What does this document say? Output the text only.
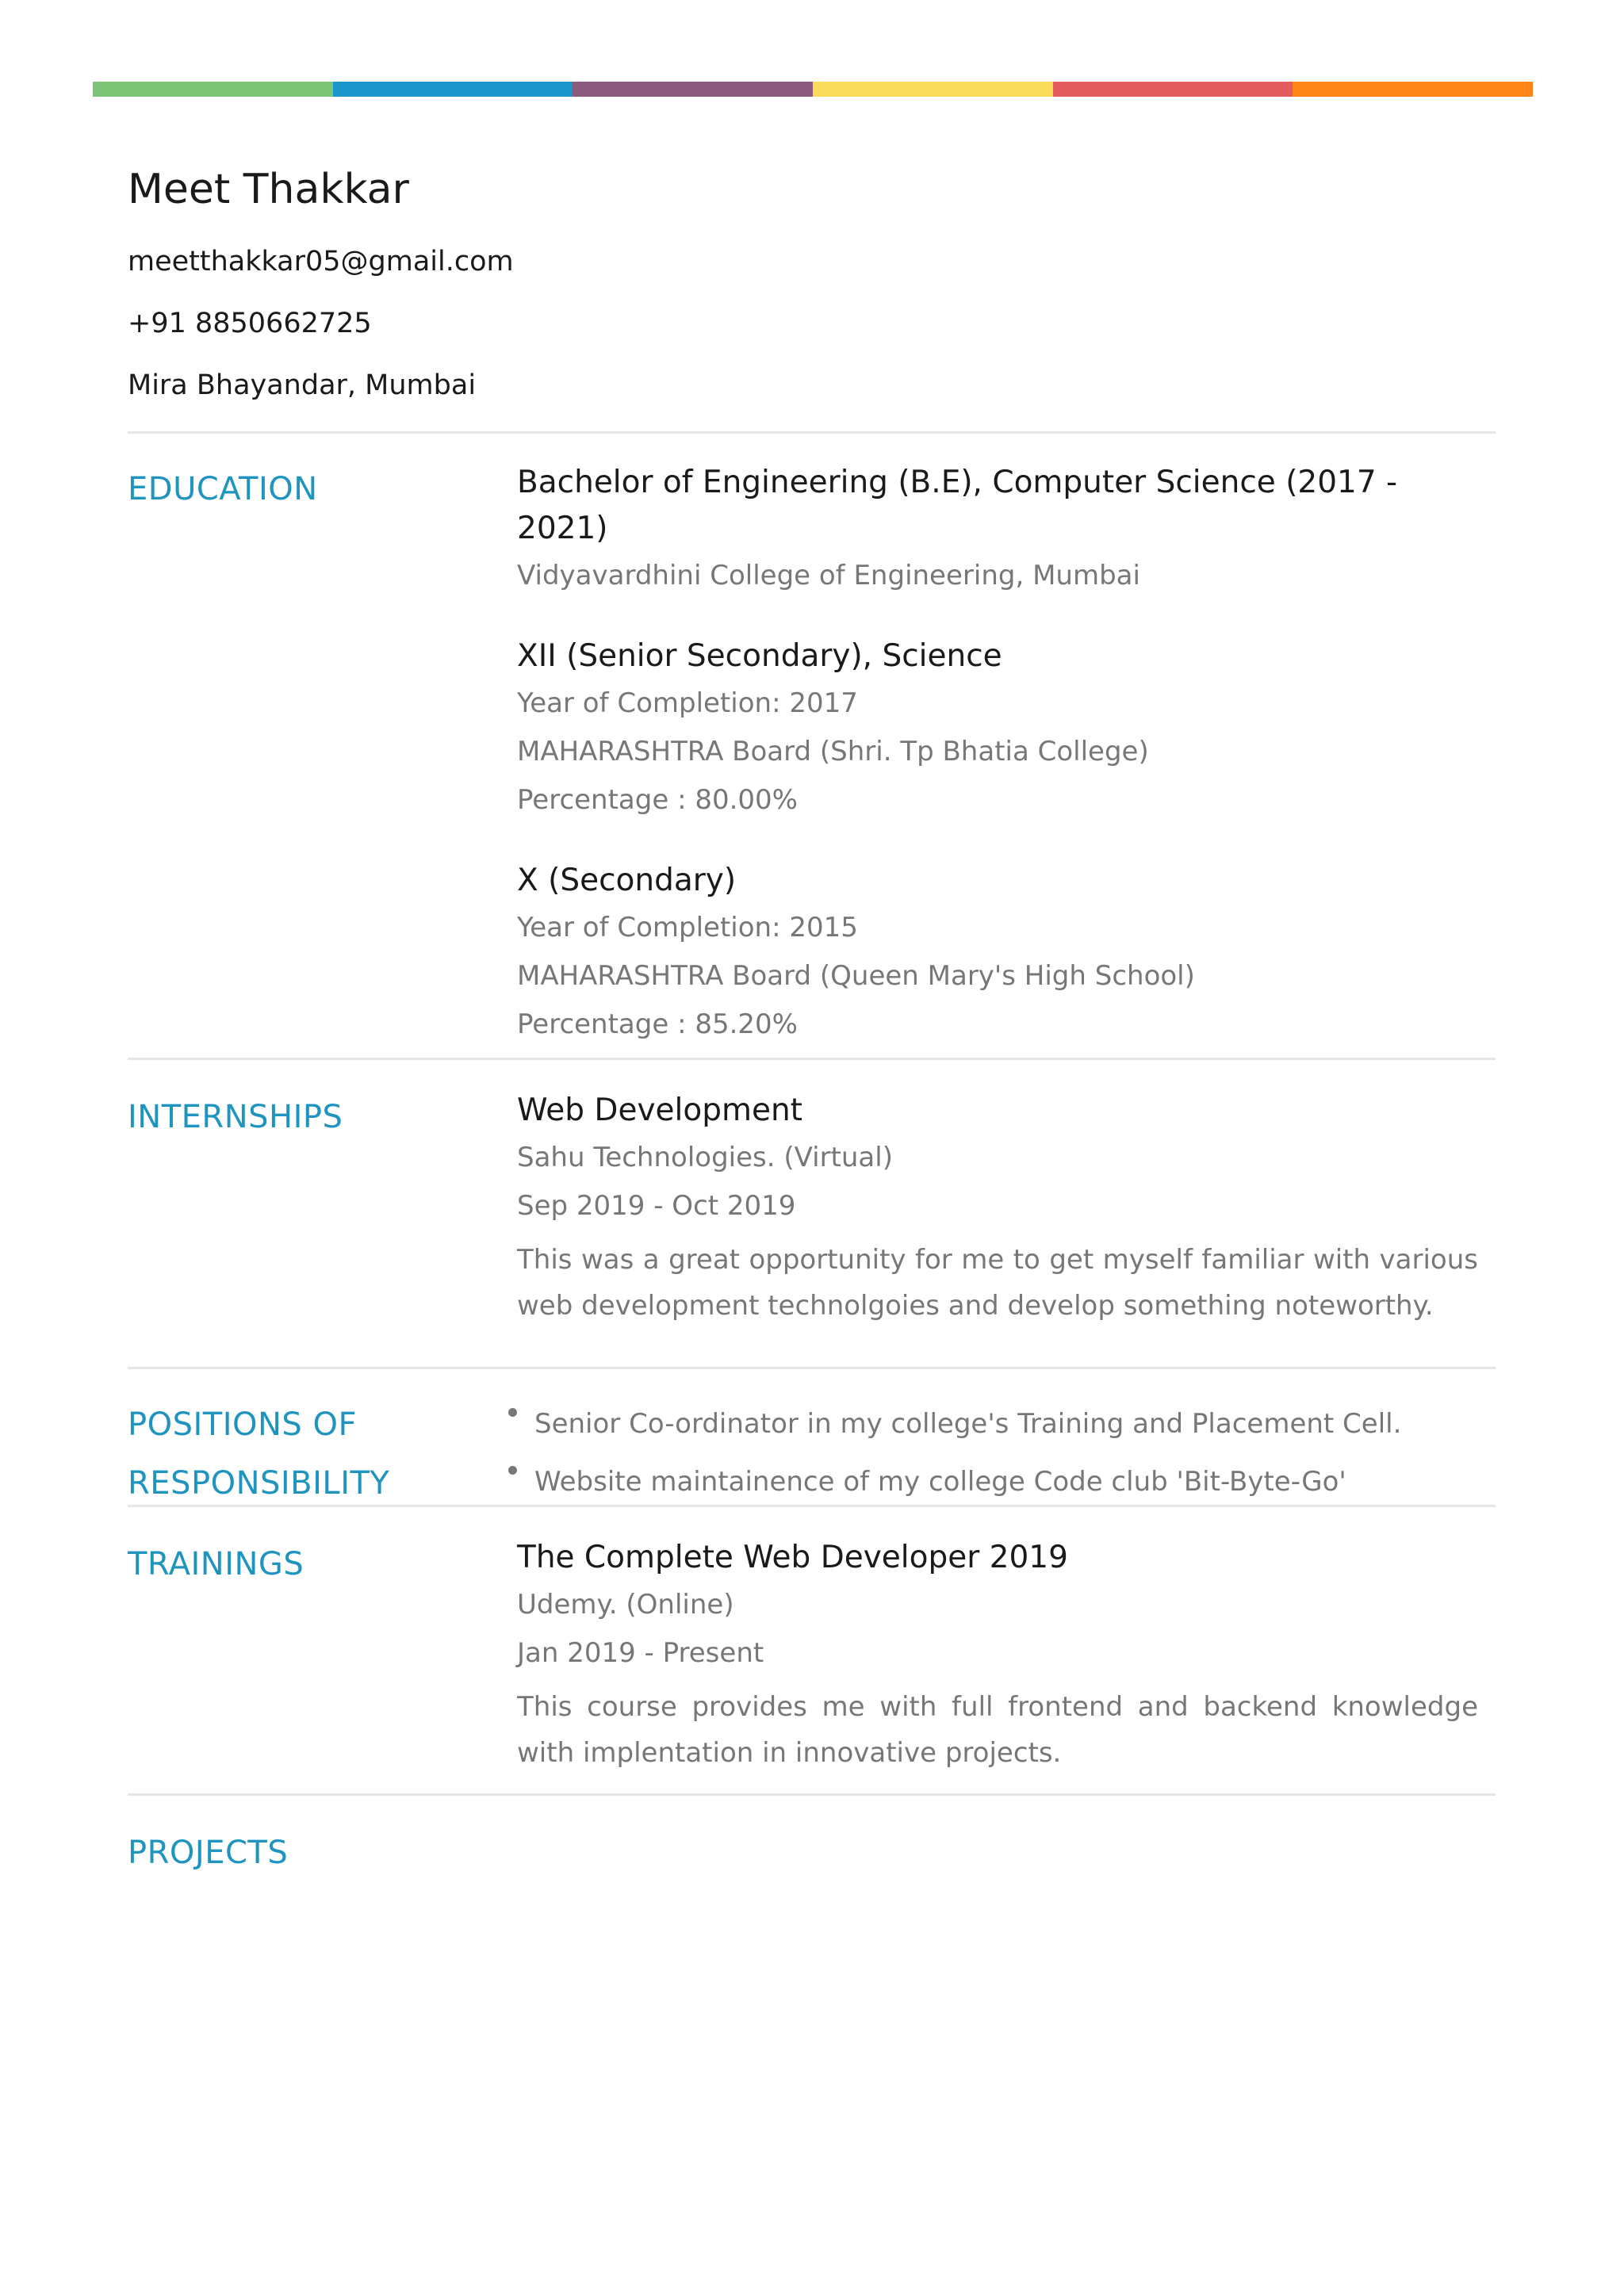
Meet Thakkar
meetthakkar05@gmail.com
+91 8850662725
Mira Bhayandar, Mumbai
EDUCATION	Bachelor of Engineering (B.E), Computer Science (2017 - 2021)
Vidyavardhini College of Engineering, Mumbai
XII (Senior Secondary), Science
Year of Completion: 2017
MAHARASHTRA Board (Shri. Tp Bhatia College)
Percentage : 80.00%
X (Secondary)
Year of Completion: 2015
MAHARASHTRA Board (Queen Mary's High School)
Percentage : 85.20%
INTERNSHIPS	Web Development
Sahu Technologies. (Virtual)
Sep 2019 - Oct 2019
This was a great opportunity for me to get myself familiar with various web development technolgoies and develop something noteworthy.
POSITIONS OF
RESPONSIBILITY
Senior Co-ordinator in my college's Training and Placement Cell.
Website maintainence of my college Code club 'Bit-Byte-Go'
TRAININGS	The Complete Web Developer 2019
Udemy. (Online)
Jan 2019 - Present
This course provides me with full frontend and backend knowledge with implentation in innovative projects.
PROJECTS
